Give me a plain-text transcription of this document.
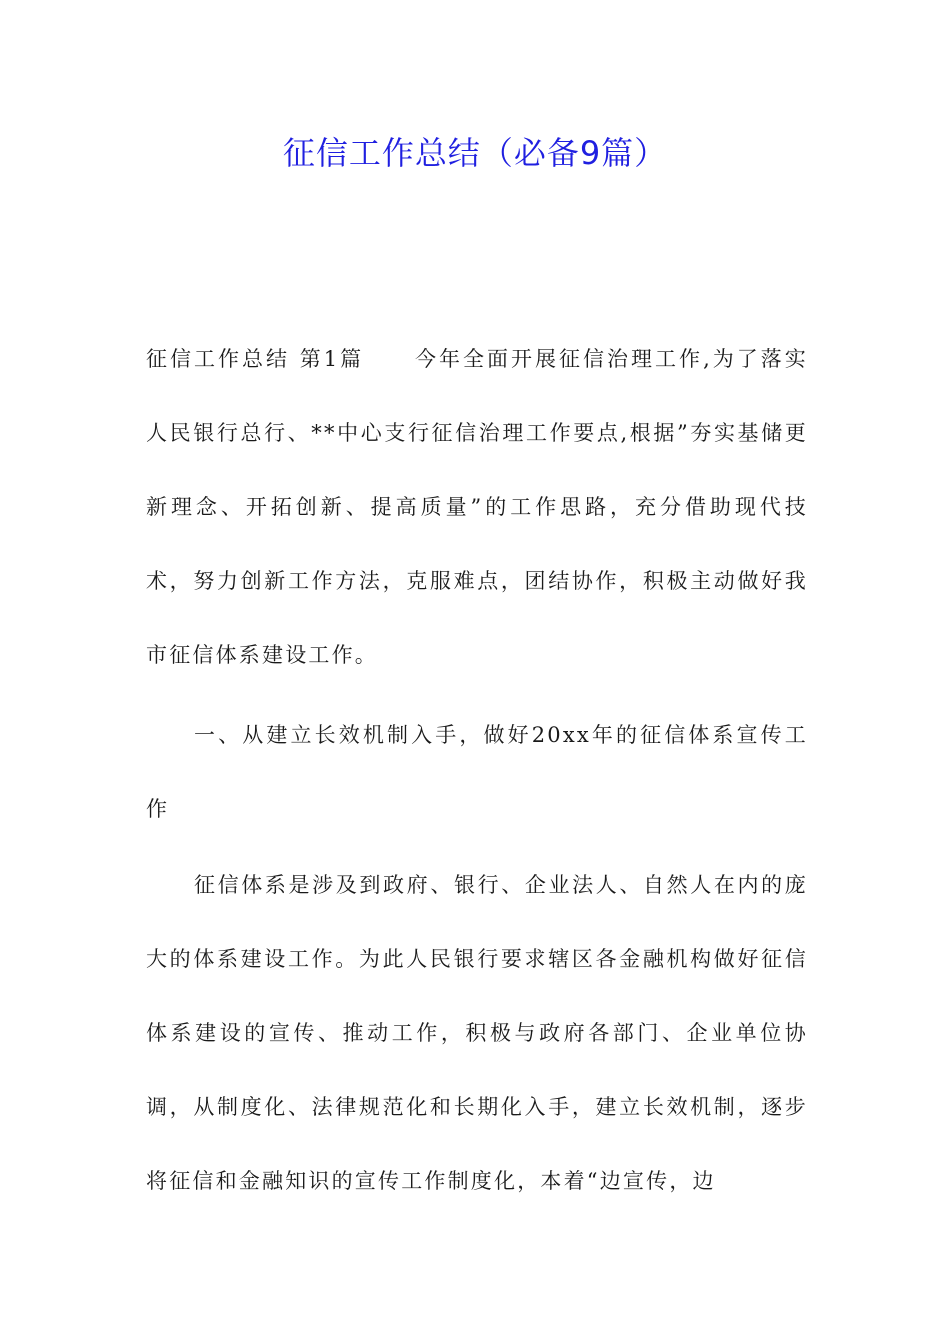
征信工作总结（必备9篇）
征信工作总结 第1篇 今年全面开展征信治理工作,为了落实人民银行总行、**中心支行征信治理工作要点,根据”夯实基储更新理念、开拓创新、提高质量”的工作思路，充分借助现代技术，努力创新工作方法，克服难点，团结协作，积极主动做好我市征信体系建设工作。
一、从建立长效机制入手，做好20xx年的征信体系宣传工作
征信体系是涉及到政府、银行、企业法人、自然人在内的庞大的体系建设工作。为此人民银行要求辖区各金融机构做好征信体系建设的宣传、推动工作，积极与政府各部门、企业单位协调，从制度化、法律规范化和长期化入手，建立长效机制，逐步将征信和金融知识的宣传工作制度化，本着“边宣传，边
